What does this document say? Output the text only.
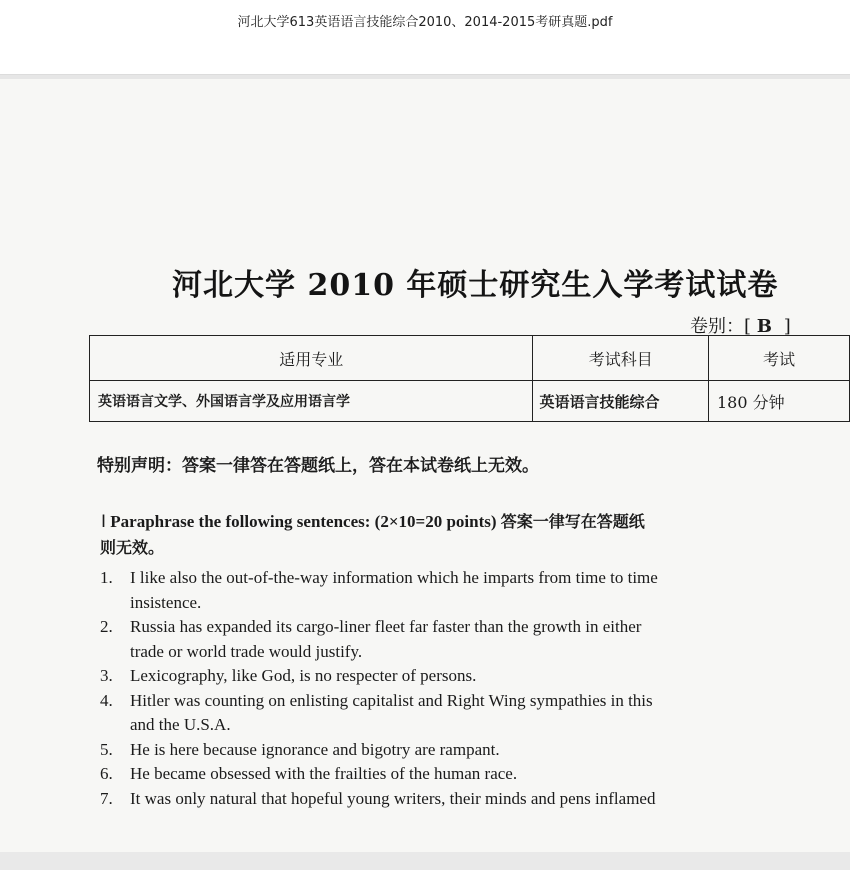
河北大学613英语语言技能综合2010、2014-2015考研真题.pdf
河北大学 2010 年硕士研究生入学考试试卷
卷别：[ B ]
适用专业	考试科目	考试
英语语言文学、外国语言学及应用语言学	英语语言技能综合	180 分钟
特别声明：答案一律答在答题纸上，答在本试卷纸上无效。
Ⅰ Paraphrase the following sentences: (2×10=20 points) 答案一律写在答题纸
则无效。
1. I like also the out-of-the-way information which he imparts from time to time
insistence.
2. Russia has expanded its cargo-liner fleet far faster than the growth in either
trade or world trade would justify.
3. Lexicography, like God, is no respecter of persons.
4. Hitler was counting on enlisting capitalist and Right Wing sympathies in this
and the U.S.A.
5. He is here because ignorance and bigotry are rampant.
6. He became obsessed with the frailties of the human race.
7. It was only natural that hopeful young writers, their minds and pens inflamed
